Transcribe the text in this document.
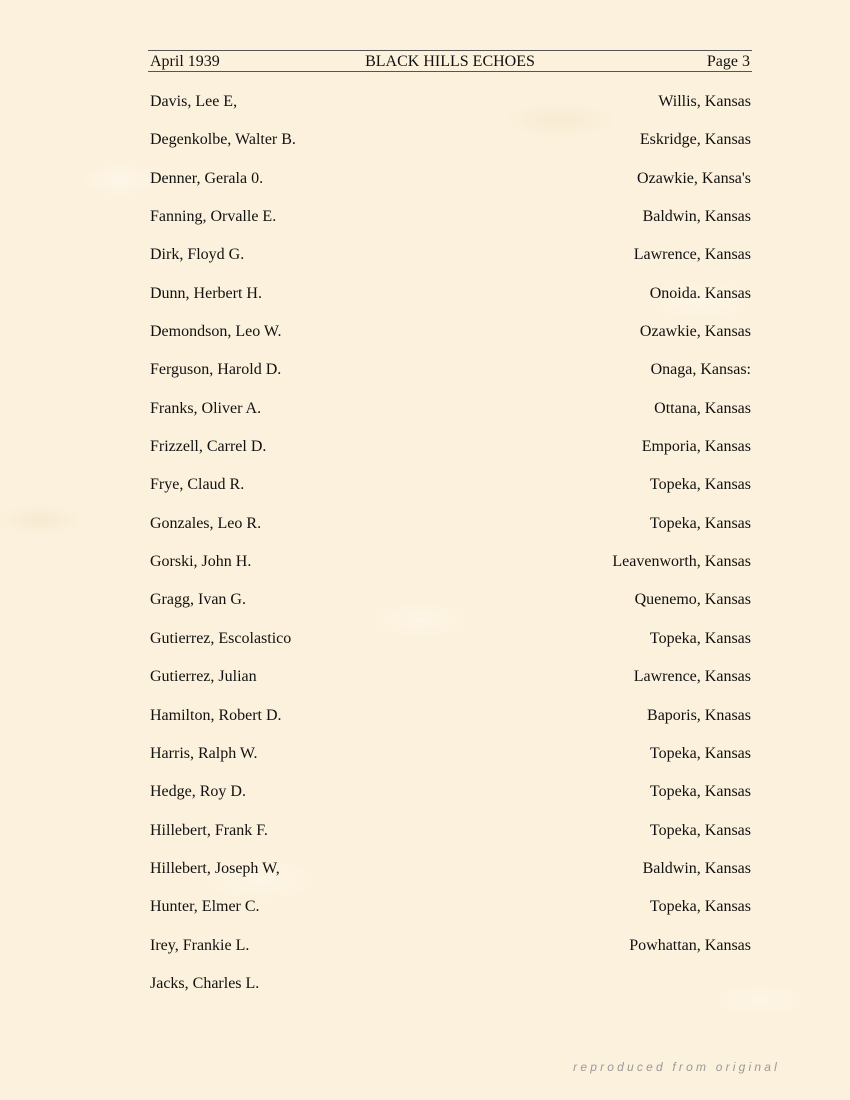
April 1939	BLACK HILLS ECHOES	Page 3
Davis, Lee E,	Willis, Kansas
Degenkolbe, Walter B.	Eskridge, Kansas
Denner, Gerala 0.	Ozawkie, Kansa's
Fanning, Orvalle E.	Baldwin, Kansas
Dirk, Floyd G.	Lawrence, Kansas
Dunn, Herbert H.	Onoida. Kansas
Demondson, Leo W.	Ozawkie, Kansas
Ferguson, Harold D.	Onaga, Kansas:
Franks, Oliver A.	Ottana, Kansas
Frizzell, Carrel D.	Emporia, Kansas
Frye, Claud R.	Topeka, Kansas
Gonzales, Leo R.	Topeka, Kansas
Gorski, John H.	Leavenworth, Kansas
Gragg, Ivan G.	Quenemo, Kansas
Gutierrez, Escolastico	Topeka, Kansas
Gutierrez, Julian	Lawrence, Kansas
Hamilton, Robert D.	Baporis, Knasas
Harris, Ralph W.	Topeka, Kansas
Hedge, Roy D.	Topeka, Kansas
Hillebert, Frank F.	Topeka, Kansas
Hillebert, Joseph W,	Baldwin, Kansas
Hunter, Elmer C.	Topeka, Kansas
Irey, Frankie L.	Powhattan, Kansas
Jacks, Charles L.
reproduced from original
